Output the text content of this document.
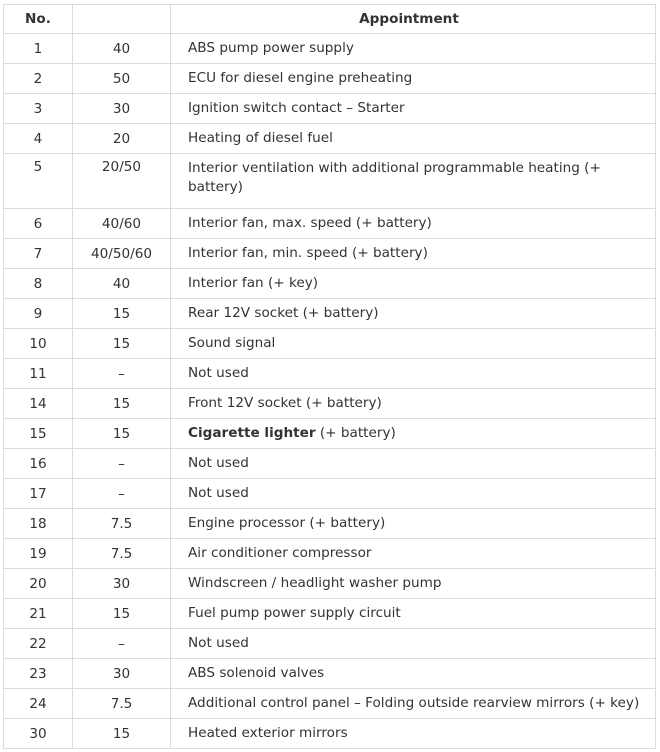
No.		Appointment
1	40	ABS pump power supply
2	50	ECU for diesel engine preheating
3	30	Ignition switch contact – Starter
4	20	Heating of diesel fuel
5	20/50	Interior ventilation with additional programmable heating (+ battery)
6	40/60	Interior fan, max. speed (+ battery)
7	40/50/60	Interior fan, min. speed (+ battery)
8	40	Interior fan (+ key)
9	15	Rear 12V socket (+ battery)
10	15	Sound signal
11	–	Not used
14	15	Front 12V socket (+ battery)
15	15	Cigarette lighter (+ battery)
16	–	Not used
17	–	Not used
18	7.5	Engine processor (+ battery)
19	7.5	Air conditioner compressor
20	30	Windscreen / headlight washer pump
21	15	Fuel pump power supply circuit
22	–	Not used
23	30	ABS solenoid valves
24	7.5	Additional control panel – Folding outside rearview mirrors (+ key)
30	15	Heated exterior mirrors
